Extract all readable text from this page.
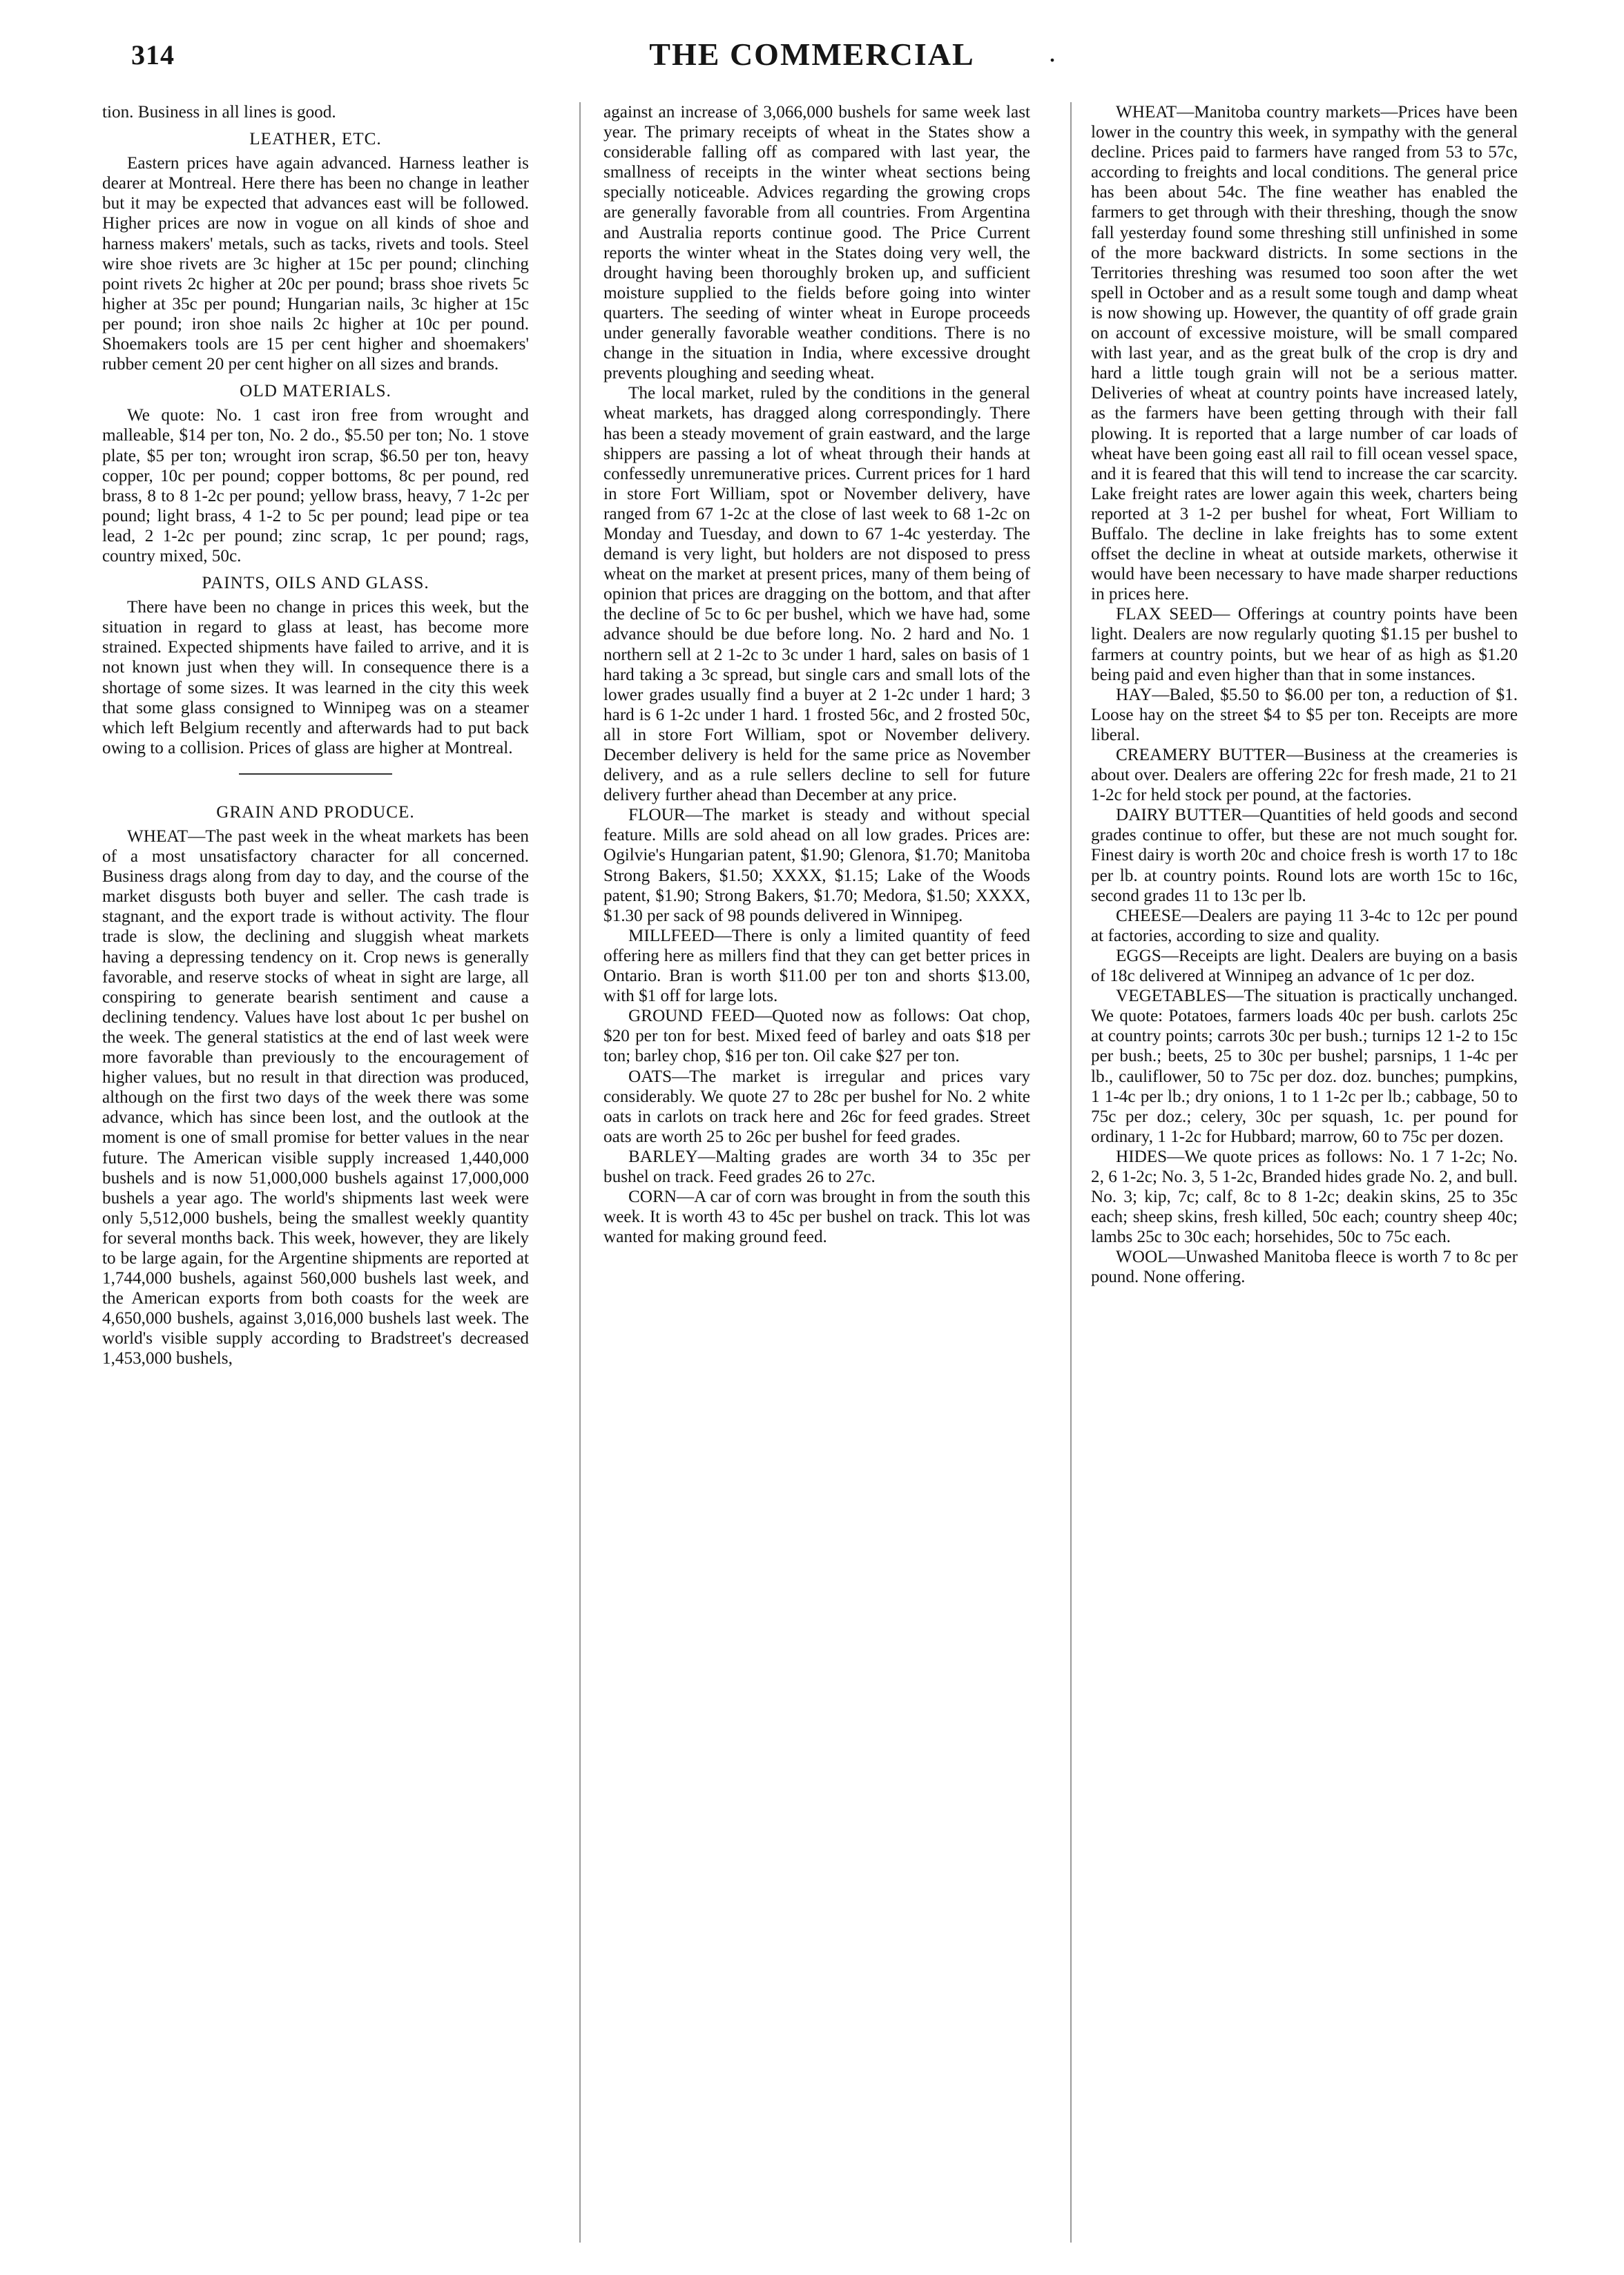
314	THE COMMERCIAL	.

tion. Business in all lines is good.

LEATHER, ETC.

Eastern prices have again advanced. Harness leather is dearer at Montreal. Here there has been no change in leather but it may be expected that advances east will be followed. Higher prices are now in vogue on all kinds of shoe and harness makers' metals, such as tacks, rivets and tools. Steel wire shoe rivets are 3c higher at 15c per pound; clinching point rivets 2c higher at 20c per pound; brass shoe rivets 5c higher at 35c per pound; Hungarian nails, 3c higher at 15c per pound; iron shoe nails 2c higher at 10c per pound. Shoemakers tools are 15 per cent higher and shoemakers' rubber cement 20 per cent higher on all sizes and brands.

OLD MATERIALS.

We quote: No. 1 cast iron free from wrought and malleable, $14 per ton, No. 2 do., $5.50 per ton; No. 1 stove plate, $5 per ton; wrought iron scrap, $6.50 per ton, heavy copper, 10c per pound; copper bottoms, 8c per pound, red brass, 8 to 8 1-2c per pound; yellow brass, heavy, 7 1-2c per pound; light brass, 4 1-2 to 5c per pound; lead pipe or tea lead, 2 1-2c per pound; zinc scrap, 1c per pound; rags, country mixed, 50c.

PAINTS, OILS AND GLASS.

There have been no change in prices this week, but the situation in regard to glass at least, has become more strained. Expected shipments have failed to arrive, and it is not known just when they will. In consequence there is a shortage of some sizes. It was learned in the city this week that some glass consigned to Winnipeg was on a steamer which left Belgium recently and afterwards had to put back owing to a collision. Prices of glass are higher at Montreal.

GRAIN AND PRODUCE.

WHEAT—The past week in the wheat markets has been of a most unsatisfactory character for all concerned. Business drags along from day to day, and the course of the market disgusts both buyer and seller. The cash trade is stagnant, and the export trade is without activity. The flour trade is slow, the declining and sluggish wheat markets having a depressing tendency on it. Crop news is generally favorable, and reserve stocks of wheat in sight are large, all conspiring to generate bearish sentiment and cause a declining tendency. Values have lost about 1c per bushel on the week. The general statistics at the end of last week were more favorable than previously to the encouragement of higher values, but no result in that direction was produced, although on the first two days of the week there was some advance, which has since been lost, and the outlook at the moment is one of small promise for better values in the near future. The American visible supply increased 1,440,000 bushels and is now 51,000,000 bushels against 17,000,000 bushels a year ago. The world's shipments last week were only 5,512,000 bushels, being the smallest weekly quantity for several months back. This week, however, they are likely to be large again, for the Argentine shipments are reported at 1,744,000 bushels, against 560,000 bushels last week, and the American exports from both coasts for the week are 4,650,000 bushels, against 3,016,000 bushels last week. The world's visible supply according to Bradstreet's decreased 1,453,000 bushels,

against an increase of 3,066,000 bushels for same week last year. The primary receipts of wheat in the States show a considerable falling off as compared with last year, the smallness of receipts in the winter wheat sections being specially noticeable. Advices regarding the growing crops are generally favorable from all countries. From Argentina and Australia reports continue good. The Price Current reports the winter wheat in the States doing very well, the drought having been thoroughly broken up, and sufficient moisture supplied to the fields before going into winter quarters. The seeding of winter wheat in Europe proceeds under generally favorable weather conditions. There is no change in the situation in India, where excessive drought prevents ploughing and seeding wheat.

The local market, ruled by the conditions in the general wheat markets, has dragged along correspondingly. There has been a steady movement of grain eastward, and the large shippers are passing a lot of wheat through their hands at confessedly unremunerative prices. Current prices for 1 hard in store Fort William, spot or November delivery, have ranged from 67 1-2c at the close of last week to 68 1-2c on Monday and Tuesday, and down to 67 1-4c yesterday. The demand is very light, but holders are not disposed to press wheat on the market at present prices, many of them being of opinion that prices are dragging on the bottom, and that after the decline of 5c to 6c per bushel, which we have had, some advance should be due before long. No. 2 hard and No. 1 northern sell at 2 1-2c to 3c under 1 hard, sales on basis of 1 hard taking a 3c spread, but single cars and small lots of the lower grades usually find a buyer at 2 1-2c under 1 hard; 3 hard is 6 1-2c under 1 hard. 1 frosted 56c, and 2 frosted 50c, all in store Fort William, spot or November delivery. December delivery is held for the same price as November delivery, and as a rule sellers decline to sell for future delivery further ahead than December at any price.

FLOUR—The market is steady and without special feature. Mills are sold ahead on all low grades. Prices are: Ogilvie's Hungarian patent, $1.90; Glenora, $1.70; Manitoba Strong Bakers, $1.50; XXXX, $1.15; Lake of the Woods patent, $1.90; Strong Bakers, $1.70; Medora, $1.50; XXXX, $1.30 per sack of 98 pounds delivered in Winnipeg.

MILLFEED—There is only a limited quantity of feed offering here as millers find that they can get better prices in Ontario. Bran is worth $11.00 per ton and shorts $13.00, with $1 off for large lots.

GROUND FEED—Quoted now as follows: Oat chop, $20 per ton for best. Mixed feed of barley and oats $18 per ton; barley chop, $16 per ton. Oil cake $27 per ton.

OATS—The market is irregular and prices vary considerably. We quote 27 to 28c per bushel for No. 2 white oats in carlots on track here and 26c for feed grades. Street oats are worth 25 to 26c per bushel for feed grades.

BARLEY—Malting grades are worth 34 to 35c per bushel on track. Feed grades 26 to 27c.

CORN—A car of corn was brought in from the south this week. It is worth 43 to 45c per bushel on track. This lot was wanted for making ground feed.

WHEAT—Manitoba country markets—Prices have been lower in the country this week, in sympathy with the general decline. Prices paid to farmers have ranged from 53 to 57c, according to freights and local conditions. The general price has been about 54c. The fine weather has enabled the farmers to get through with their threshing, though the snow fall yesterday found some threshing still unfinished in some of the more backward districts. In some sections in the Territories threshing was resumed too soon after the wet spell in October and as a result some tough and damp wheat is now showing up. However, the quantity of off grade grain on account of excessive moisture, will be small compared with last year, and as the great bulk of the crop is dry and hard a little tough grain will not be a serious matter. Deliveries of wheat at country points have increased lately, as the farmers have been getting through with their fall plowing. It is reported that a large number of car loads of wheat have been going east all rail to fill ocean vessel space, and it is feared that this will tend to increase the car scarcity. Lake freight rates are lower again this week, charters being reported at 3 1-2 per bushel for wheat, Fort William to Buffalo. The decline in lake freights has to some extent offset the decline in wheat at outside markets, otherwise it would have been necessary to have made sharper reductions in prices here.

FLAX SEED— Offerings at country points have been light. Dealers are now regularly quoting $1.15 per bushel to farmers at country points, but we hear of as high as $1.20 being paid and even higher than that in some instances.

HAY—Baled, $5.50 to $6.00 per ton, a reduction of $1. Loose hay on the street $4 to $5 per ton. Receipts are more liberal.

CREAMERY BUTTER—Business at the creameries is about over. Dealers are offering 22c for fresh made, 21 to 21 1-2c for held stock per pound, at the factories.

DAIRY BUTTER—Quantities of held goods and second grades continue to offer, but these are not much sought for. Finest dairy is worth 20c and choice fresh is worth 17 to 18c per lb. at country points. Round lots are worth 15c to 16c, second grades 11 to 13c per lb.

CHEESE—Dealers are paying 11 3-4c to 12c per pound at factories, according to size and quality.

EGGS—Receipts are light. Dealers are buying on a basis of 18c delivered at Winnipeg an advance of 1c per doz.

VEGETABLES—The situation is practically unchanged. We quote: Potatoes, farmers loads 40c per bush. carlots 25c at country points; carrots 30c per bush.; turnips 12 1-2 to 15c per bush.; beets, 25 to 30c per bushel; parsnips, 1 1-4c per lb., cauliflower, 50 to 75c per doz. doz. bunches; pumpkins, 1 1-4c per lb.; dry onions, 1 to 1 1-2c per lb.; cabbage, 50 to 75c per doz.; celery, 30c per squash, 1c. per pound for ordinary, 1 1-2c for Hubbard; marrow, 60 to 75c per dozen.

HIDES—We quote prices as follows: No. 1 7 1-2c; No. 2, 6 1-2c; No. 3, 5 1-2c, Branded hides grade No. 2, and bull. No. 3; kip, 7c; calf, 8c to 8 1-2c; deakin skins, 25 to 35c each; sheep skins, fresh killed, 50c each; country sheep 40c; lambs 25c to 30c each; horsehides, 50c to 75c each.

WOOL—Unwashed Manitoba fleece is worth 7 to 8c per pound. None offering.
